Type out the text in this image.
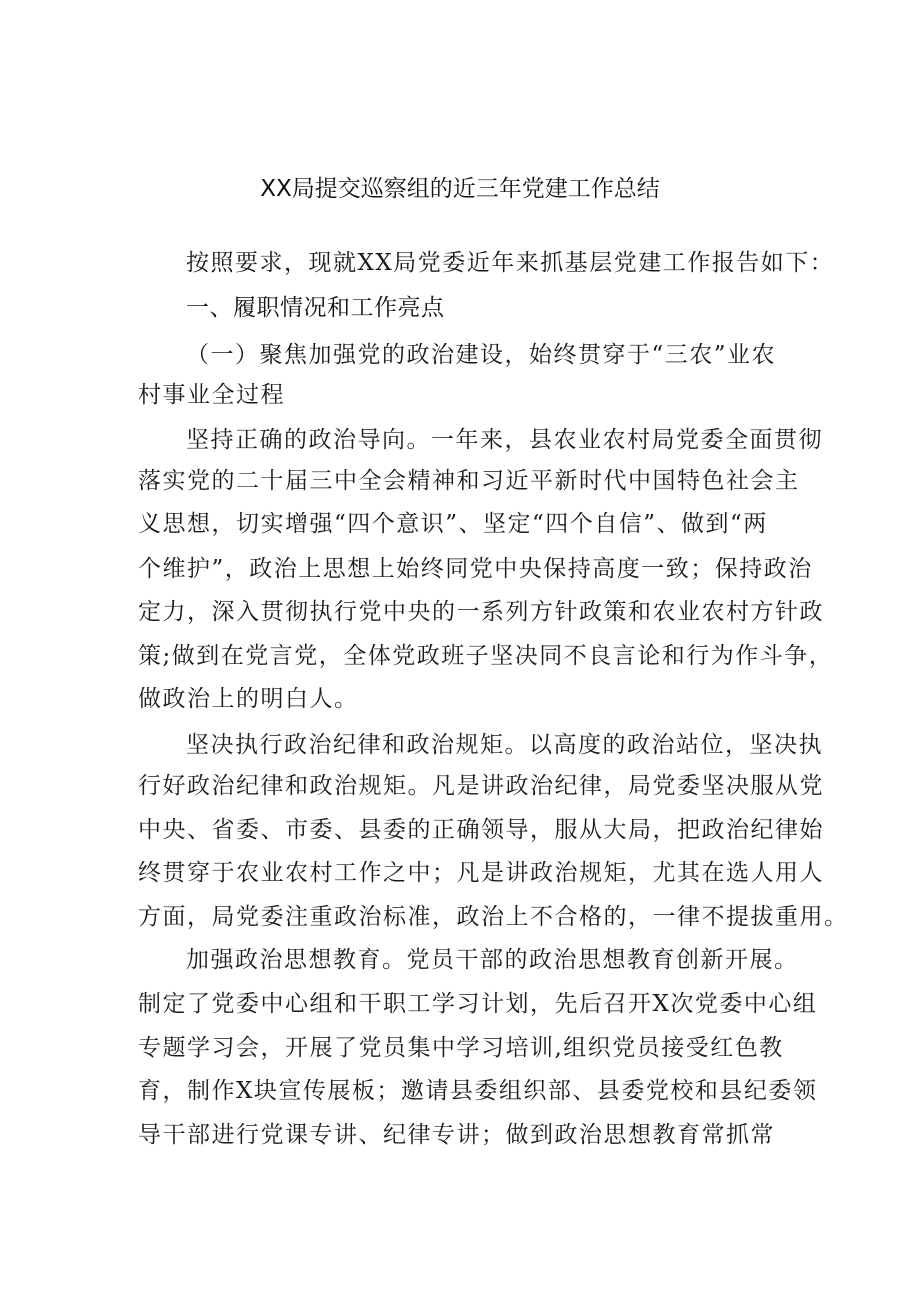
XX局提交巡察组的近三年党建工作总结
按照要求，现就XX局党委近年来抓基层党建工作报告如下：
一、履职情况和工作亮点
（一）聚焦加强党的政治建设，始终贯穿于“三农”业农
村事业全过程
坚持正确的政治导向。一年来，县农业农村局党委全面贯彻
落实党的二十届三中全会精神和习近平新时代中国特色社会主
义思想，切实增强“四个意识”、坚定“四个自信”、做到“两
个维护”，政治上思想上始终同党中央保持高度一致；保持政治
定力，深入贯彻执行党中央的一系列方针政策和农业农村方针政
策;做到在党言党，全体党政班子坚决同不良言论和行为作斗争，
做政治上的明白人。
坚决执行政治纪律和政治规矩。以高度的政治站位，坚决执
行好政治纪律和政治规矩。凡是讲政治纪律，局党委坚决服从党
中央、省委、市委、县委的正确领导，服从大局，把政治纪律始
终贯穿于农业农村工作之中；凡是讲政治规矩，尤其在选人用人
方面，局党委注重政治标准，政治上不合格的，一律不提拔重用。
加强政治思想教育。党员干部的政治思想教育创新开展。
制定了党委中心组和干职工学习计划，先后召开X次党委中心组
专题学习会，开展了党员集中学习培训,组织党员接受红色教
育，制作X块宣传展板；邀请县委组织部、县委党校和县纪委领
导干部进行党课专讲、纪律专讲；做到政治思想教育常抓常
